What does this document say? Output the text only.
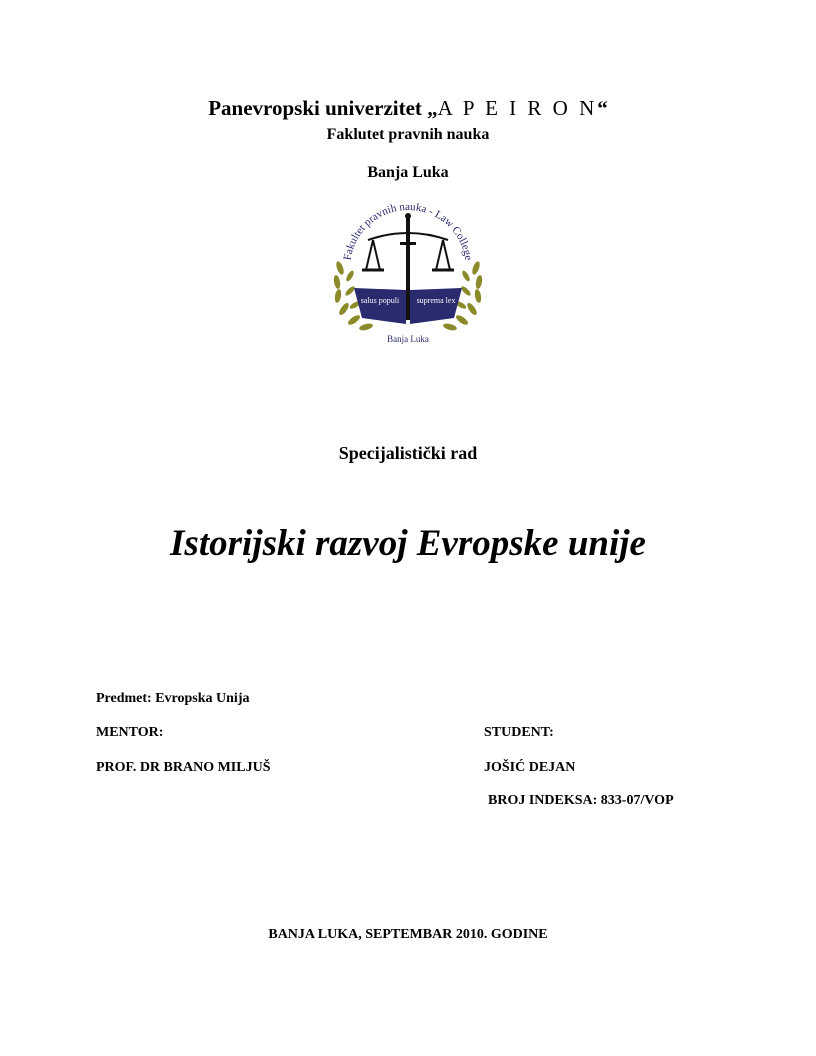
Panevropski univerzitet „A P E I R O N“
Faklutet pravnih nauka
Banja Luka
Fakultet pravnih nauka - Law College
salus populi suprema lex
Banja Luka
Specijalistički rad
Istorijski razvoj Evropske unije
Predmet: Evropska Unija
MENTOR:
PROF. DR BRANO MILJUŠ
STUDENT:
JOŠIĆ DEJAN
BROJ INDEKSA: 833-07/VOP
BANJA LUKA, SEPTEMBAR 2010. GODINE
